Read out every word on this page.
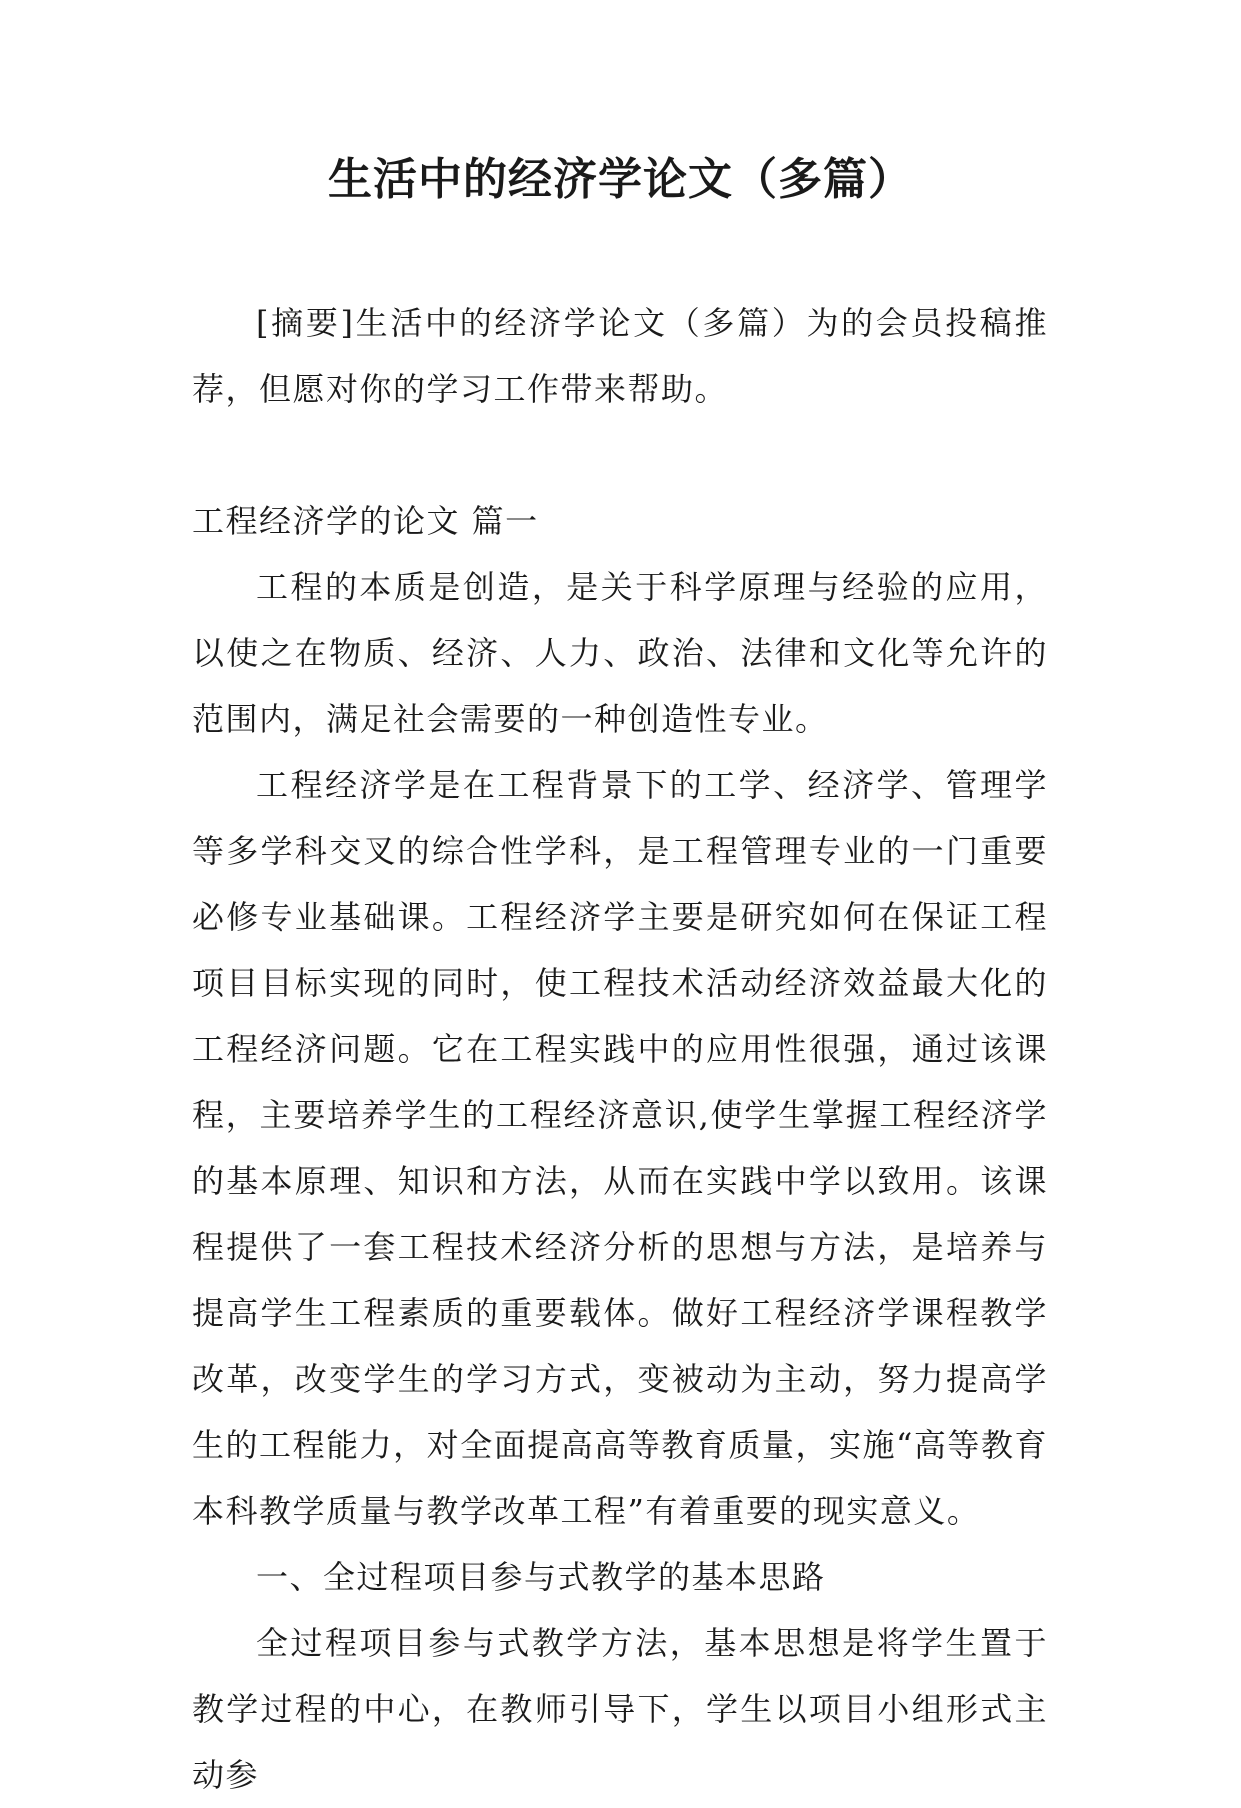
生活中的经济学论文（多篇）

[摘要]生活中的经济学论文（多篇）为的会员投稿推荐，但愿对你的学习工作带来帮助。

工程经济学的论文 篇一

工程的本质是创造，是关于科学原理与经验的应用，以使之在物质、经济、人力、政治、法律和文化等允许的范围内，满足社会需要的一种创造性专业。

工程经济学是在工程背景下的工学、经济学、管理学等多学科交叉的综合性学科，是工程管理专业的一门重要必修专业基础课。工程经济学主要是研究如何在保证工程项目目标实现的同时，使工程技术活动经济效益最大化的工程经济问题。它在工程实践中的应用性很强，通过该课程，主要培养学生的工程经济意识,使学生掌握工程经济学的基本原理、知识和方法，从而在实践中学以致用。该课程提供了一套工程技术经济分析的思想与方法，是培养与提高学生工程素质的重要载体。做好工程经济学课程教学改革，改变学生的学习方式，变被动为主动，努力提高学生的工程能力，对全面提高高等教育质量，实施“高等教育本科教学质量与教学改革工程”有着重要的现实意义。

一、全过程项目参与式教学的基本思路

全过程项目参与式教学方法，基本思想是将学生置于教学过程的中心，在教师引导下，学生以项目小组形式主动参
